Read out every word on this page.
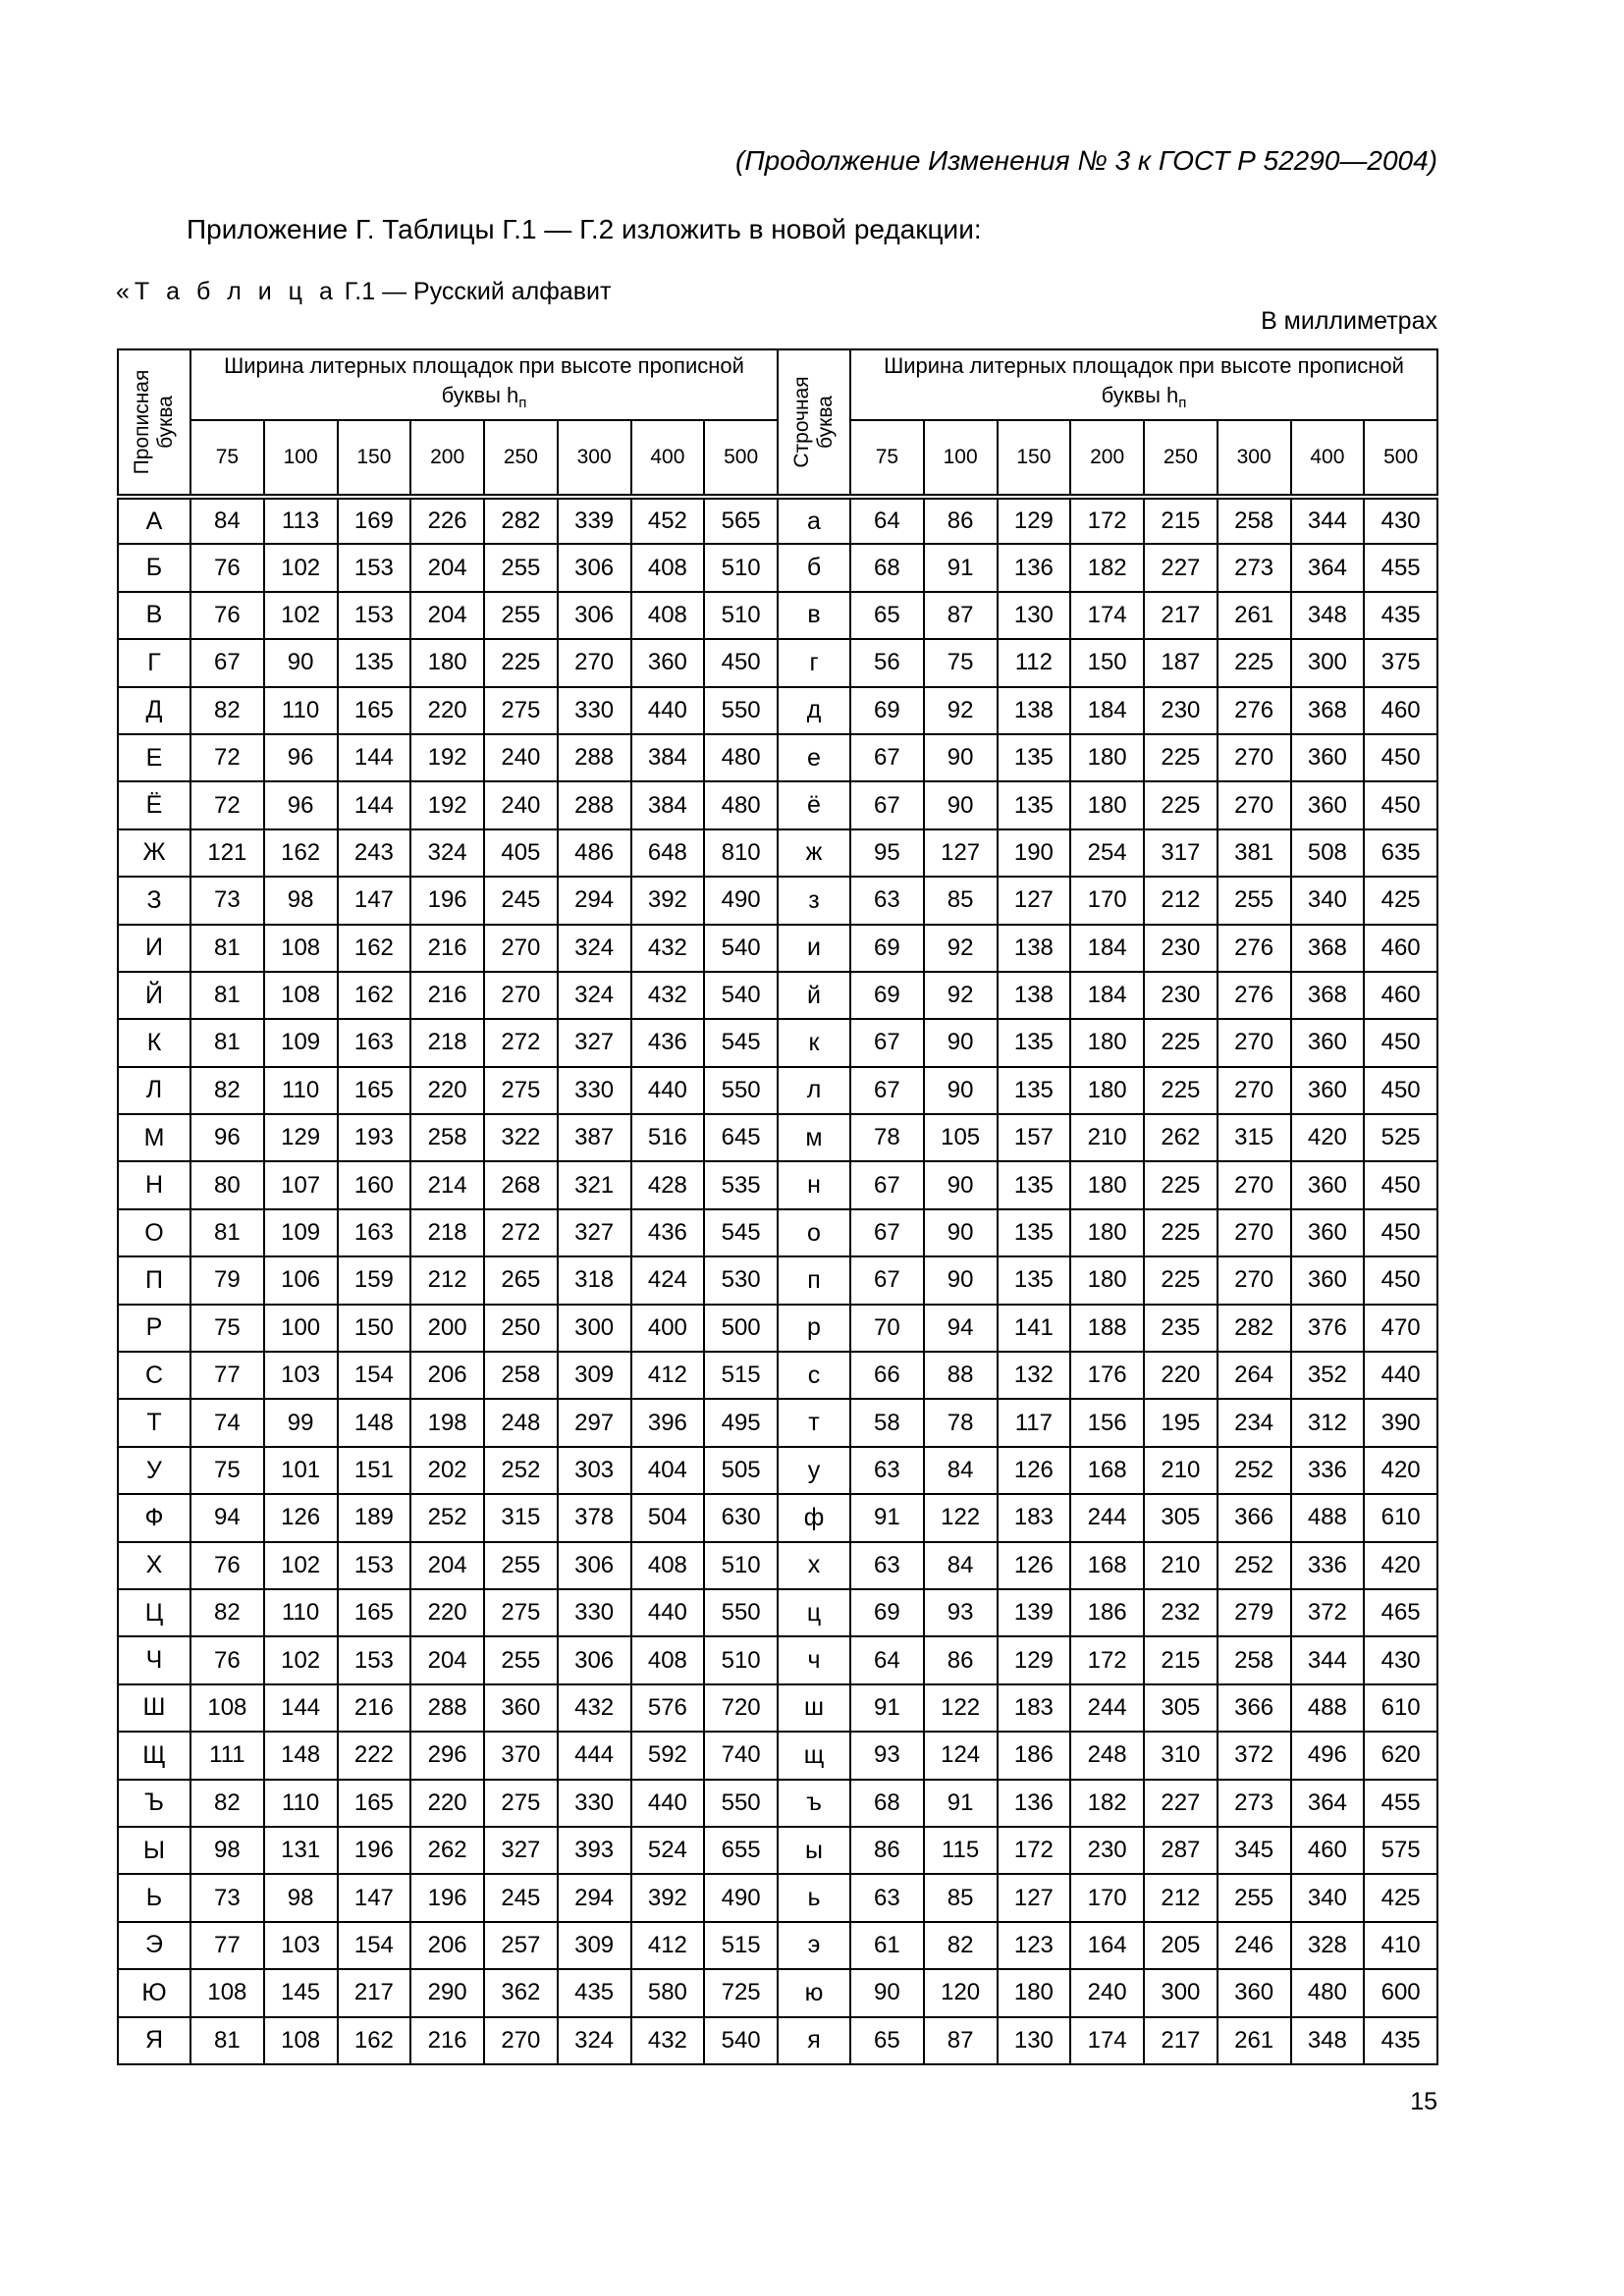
(Продолжение Изменения № 3 к ГОСТ Р 52290—2004)
Приложение Г. Таблицы Г.1 — Г.2 изложить в новой редакции:
«Т а б л и ц а Г.1 — Русский алфавит
В миллиметрах
Прописная
буква	Ширина литерных площадок при высоте прописной
буквы $h_п$								Строчная
буква	Ширина литерных площадок при высоте прописной
буквы $h_п$
	75	100	150	200	250	300	400	500		75	100	150	200	250	300	400	500
А	84	113	169	226	282	339	452	565	а	64	86	129	172	215	258	344	430
Б	76	102	153	204	255	306	408	510	б	68	91	136	182	227	273	364	455
В	76	102	153	204	255	306	408	510	в	65	87	130	174	217	261	348	435
Г	67	90	135	180	225	270	360	450	г	56	75	112	150	187	225	300	375
Д	82	110	165	220	275	330	440	550	д	69	92	138	184	230	276	368	460
Е	72	96	144	192	240	288	384	480	е	67	90	135	180	225	270	360	450
Ё	72	96	144	192	240	288	384	480	ё	67	90	135	180	225	270	360	450
Ж	121	162	243	324	405	486	648	810	ж	95	127	190	254	317	381	508	635
З	73	98	147	196	245	294	392	490	з	63	85	127	170	212	255	340	425
И	81	108	162	216	270	324	432	540	и	69	92	138	184	230	276	368	460
Й	81	108	162	216	270	324	432	540	й	69	92	138	184	230	276	368	460
К	81	109	163	218	272	327	436	545	к	67	90	135	180	225	270	360	450
Л	82	110	165	220	275	330	440	550	л	67	90	135	180	225	270	360	450
М	96	129	193	258	322	387	516	645	м	78	105	157	210	262	315	420	525
Н	80	107	160	214	268	321	428	535	н	67	90	135	180	225	270	360	450
О	81	109	163	218	272	327	436	545	о	67	90	135	180	225	270	360	450
П	79	106	159	212	265	318	424	530	п	67	90	135	180	225	270	360	450
Р	75	100	150	200	250	300	400	500	р	70	94	141	188	235	282	376	470
С	77	103	154	206	258	309	412	515	с	66	88	132	176	220	264	352	440
Т	74	99	148	198	248	297	396	495	т	58	78	117	156	195	234	312	390
У	75	101	151	202	252	303	404	505	у	63	84	126	168	210	252	336	420
Ф	94	126	189	252	315	378	504	630	ф	91	122	183	244	305	366	488	610
Х	76	102	153	204	255	306	408	510	х	63	84	126	168	210	252	336	420
Ц	82	110	165	220	275	330	440	550	ц	69	93	139	186	232	279	372	465
Ч	76	102	153	204	255	306	408	510	ч	64	86	129	172	215	258	344	430
Ш	108	144	216	288	360	432	576	720	ш	91	122	183	244	305	366	488	610
Щ	111	148	222	296	370	444	592	740	щ	93	124	186	248	310	372	496	620
Ъ	82	110	165	220	275	330	440	550	ъ	68	91	136	182	227	273	364	455
Ы	98	131	196	262	327	393	524	655	ы	86	115	172	230	287	345	460	575
Ь	73	98	147	196	245	294	392	490	ь	63	85	127	170	212	255	340	425
Э	77	103	154	206	257	309	412	515	э	61	82	123	164	205	246	328	410
Ю	108	145	217	290	362	435	580	725	ю	90	120	180	240	300	360	480	600
Я	81	108	162	216	270	324	432	540	я	65	87	130	174	217	261	348	435
15
